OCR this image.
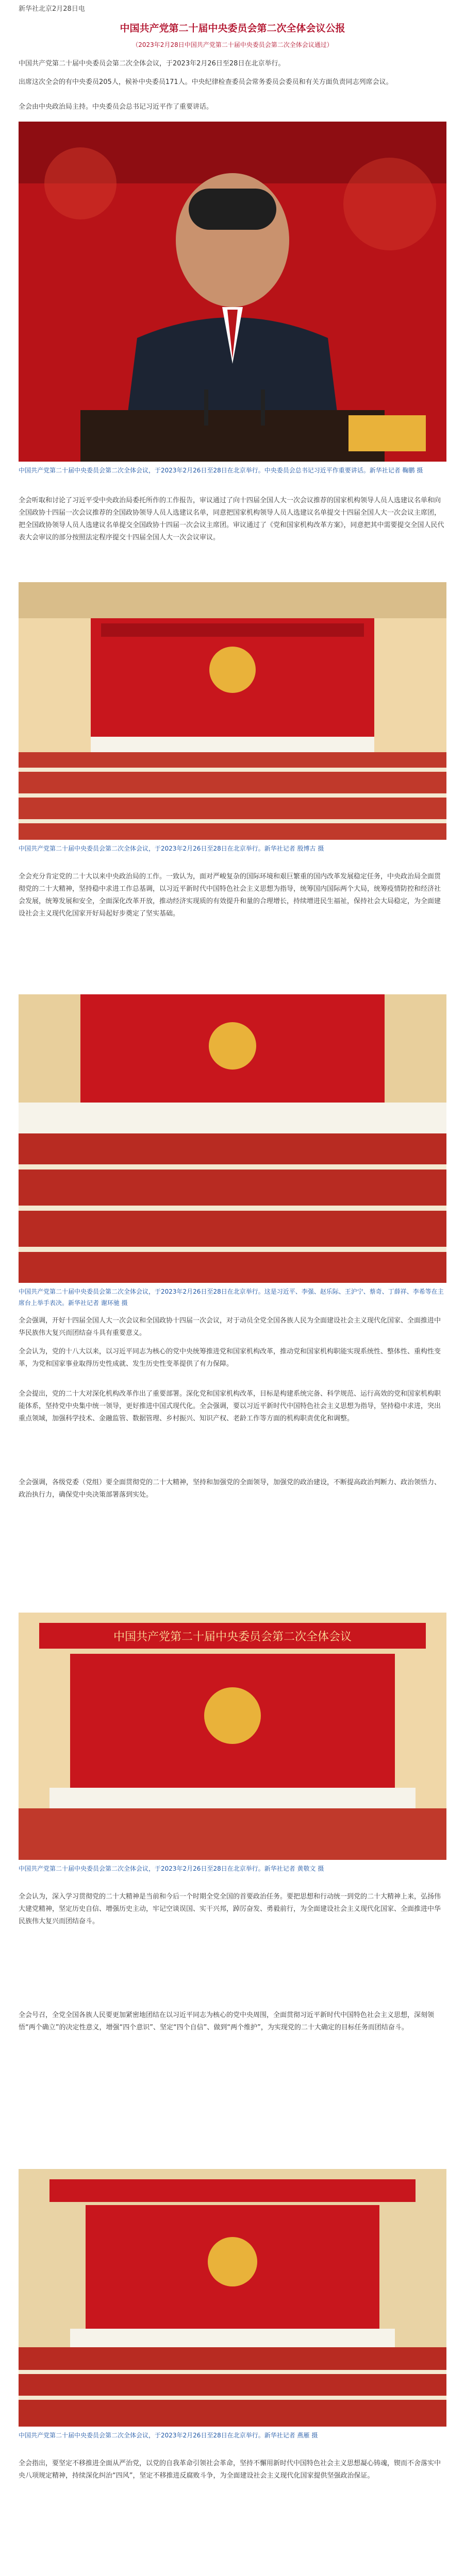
新华社北京2月28日电

中国共产党第二十届中央委员会第二次全体会议公报

（2023年2月28日中国共产党第二十届中央委员会第二次全体会议通过）

中国共产党第二十届中央委员会第二次全体会议，于2023年2月26日至28日在北京举行。

出席这次全会的有中央委员205人，候补中央委员171人。中央纪律检查委员会常务委员会委员和有关方面负责同志列席会议。

全会由中央政治局主持。中央委员会总书记习近平作了重要讲话。

中国共产党第二十届中央委员会第二次全体会议，于2023年2月26日至28日在北京举行。中央委员会总书记习近平作重要讲话。新华社记者 鞠鹏 摄

全会听取和讨论了习近平受中央政治局委托所作的工作报告，审议通过了向十四届全国人大一次会议推荐的国家机构领导人员人选建议名单和向全国政协十四届一次会议推荐的全国政协领导人员人选建议名单，同意把国家机构领导人员人选建议名单提交十四届全国人大一次会议主席团，把全国政协领导人员人选建议名单提交全国政协十四届一次会议主席团。审议通过了《党和国家机构改革方案》，同意把其中需要提交全国人民代表大会审议的部分按照法定程序提交十四届全国人大一次会议审议。

中国共产党第二十届中央委员会第二次全体会议，于2023年2月26日至28日在北京举行。新华社记者 殷博古 摄

全会充分肯定党的二十大以来中央政治局的工作。一致认为，面对严峻复杂的国际环境和艰巨繁重的国内改革发展稳定任务，中央政治局全面贯彻党的二十大精神，坚持稳中求进工作总基调，以习近平新时代中国特色社会主义思想为指导，统筹国内国际两个大局，统筹疫情防控和经济社会发展，统筹发展和安全，全面深化改革开放，推动经济实现质的有效提升和量的合理增长，持续增进民生福祉，保持社会大局稳定，为全面建设社会主义现代化国家开好局起好步奠定了坚实基础。

中国共产党第二十届中央委员会第二次全体会议，于2023年2月26日至28日在北京举行。这是习近平、李强、赵乐际、王沪宁、蔡奇、丁薛祥、李希等在主席台上举手表决。新华社记者 谢环驰 摄

全会强调，开好十四届全国人大一次会议和全国政协十四届一次会议，对于动员全党全国各族人民为全面建设社会主义现代化国家、全面推进中华民族伟大复兴而团结奋斗具有重要意义。

全会认为，党的十八大以来，以习近平同志为核心的党中央统筹推进党和国家机构改革，推动党和国家机构职能实现系统性、整体性、重构性变革，为党和国家事业取得历史性成就、发生历史性变革提供了有力保障。

全会提出，党的二十大对深化机构改革作出了重要部署。深化党和国家机构改革，目标是构建系统完备、科学规范、运行高效的党和国家机构职能体系，坚持党中央集中统一领导，更好推进中国式现代化。全会强调，要以习近平新时代中国特色社会主义思想为指导，坚持稳中求进，突出重点领域，加强科学技术、金融监管、数据管理、乡村振兴、知识产权、老龄工作等方面的机构职责优化和调整。

全会强调，各级党委（党组）要全面贯彻党的二十大精神，坚持和加强党的全面领导，加强党的政治建设，不断提高政治判断力、政治领悟力、政治执行力，确保党中央决策部署落到实处。

中国共产党第二十届中央委员会第二次全体会议

中国共产党第二十届中央委员会第二次全体会议，于2023年2月26日至28日在北京举行。新华社记者 黄敬文 摄

全会认为，深入学习贯彻党的二十大精神是当前和今后一个时期全党全国的首要政治任务。要把思想和行动统一到党的二十大精神上来，弘扬伟大建党精神，坚定历史自信、增强历史主动，牢记空谈误国、实干兴邦，踔厉奋发、勇毅前行，为全面建设社会主义现代化国家、全面推进中华民族伟大复兴而团结奋斗。

全会号召，全党全国各族人民要更加紧密地团结在以习近平同志为核心的党中央周围，全面贯彻习近平新时代中国特色社会主义思想，深刻领悟“两个确立”的决定性意义，增强“四个意识”、坚定“四个自信”、做到“两个维护”，为实现党的二十大确定的目标任务而团结奋斗。

中国共产党第二十届中央委员会第二次全体会议，于2023年2月26日至28日在北京举行。新华社记者 燕雁 摄

全会指出，要坚定不移推进全面从严治党，以党的自我革命引领社会革命，坚持不懈用新时代中国特色社会主义思想凝心铸魂，锲而不舍落实中央八项规定精神，持续深化纠治“四风”，坚定不移推进反腐败斗争，为全面建设社会主义现代化国家提供坚强政治保证。
